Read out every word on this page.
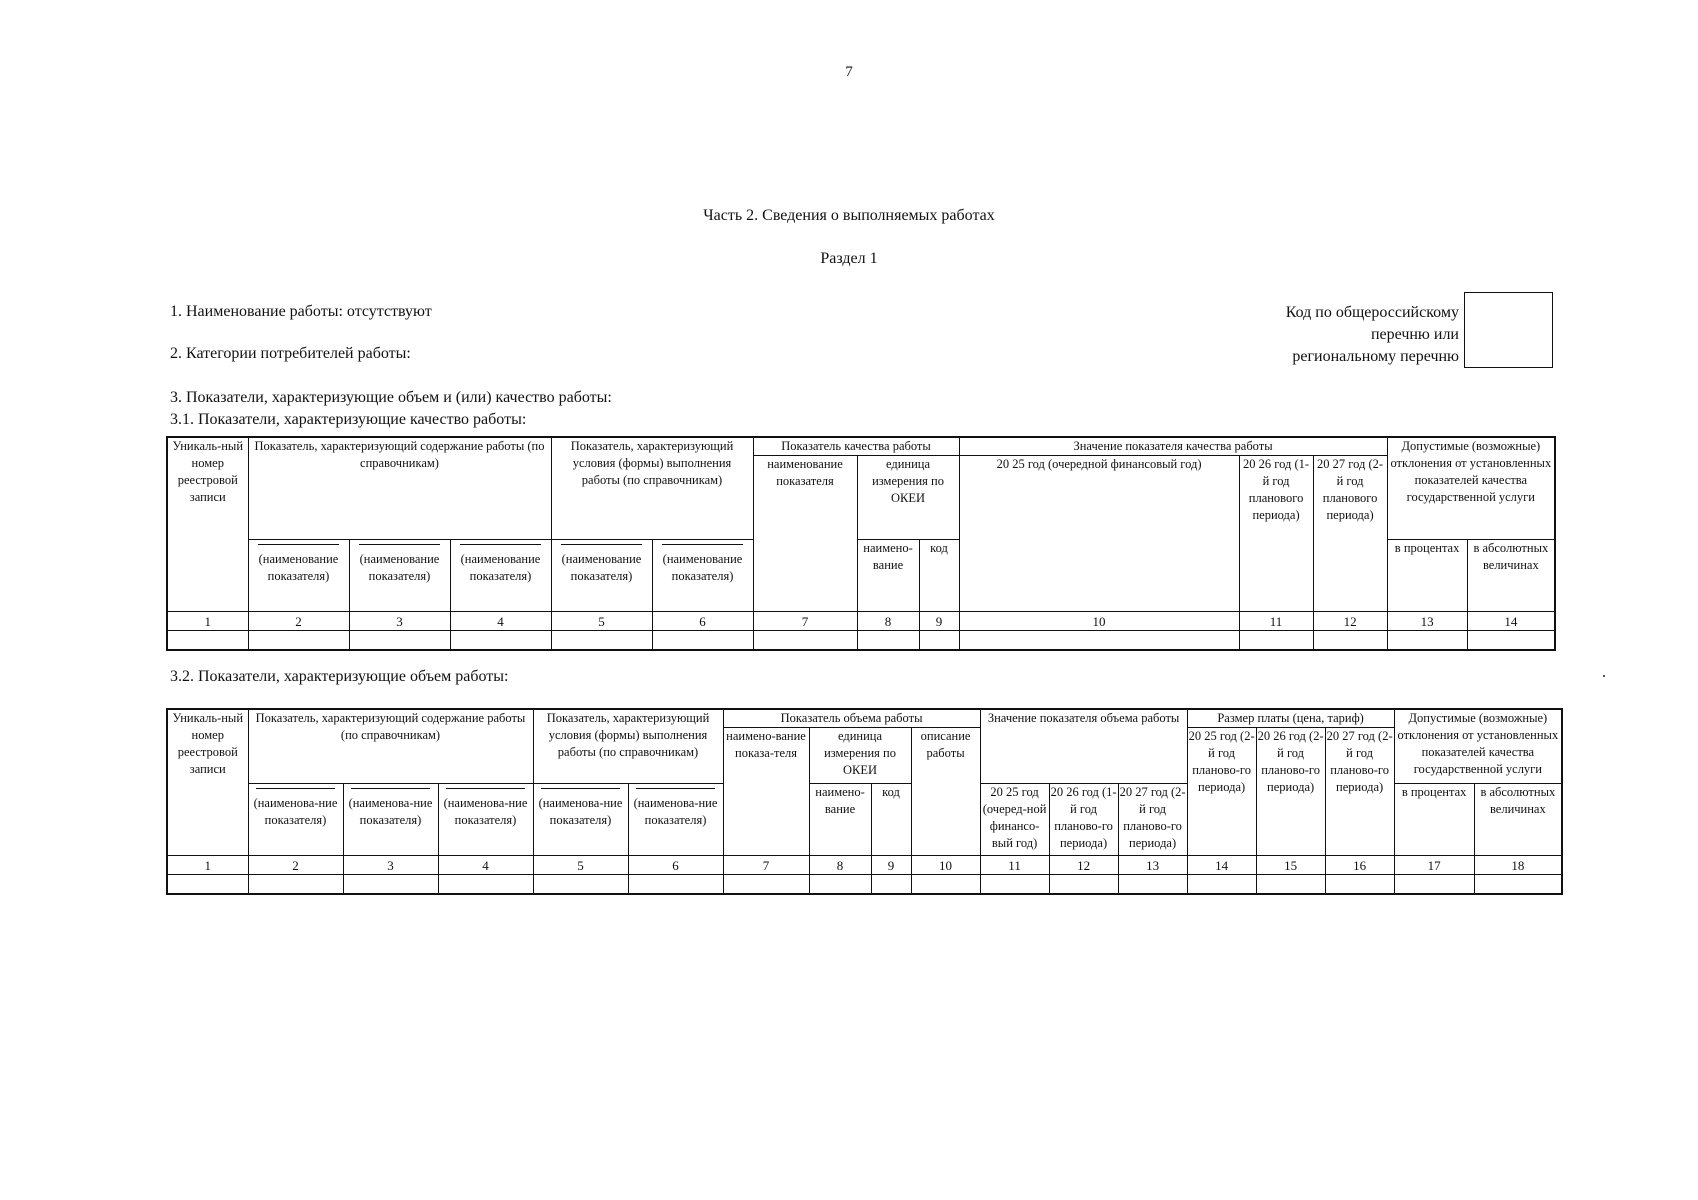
7
Часть 2. Сведения о выполняемых работах
Раздел 1
1. Наименование работы: отсутствуют
2. Категории потребителей работы:
Код по общероссийскому
перечню или
региональному перечню
3. Показатели, характеризующие объем и (или) качество работы:
3.1. Показатели, характеризующие качество работы:
Уникаль-ный номер реестровой записи	Показатель, характеризующий содержание работы (по справочникам)			Показатель, характеризующий условия (формы) выполнения работы (по справочникам)		Показатель качества работы			Значение показателя качества работы			Допустимые (возможные) отклонения от установленных показателей качества государственной услуги	
						наименование показателя	единица измерения по ОКЕИ		20 25 год (очередной финансовый год)	20 26 год (1-й год планового периода)	20 27 год (2-й год планового периода)		

(наименование показателя)	(наименование показателя)	(наименование показателя)	(наименование показателя)	(наименование показателя)		наимено-вание	код				в процентах	в абсолютных величинах
1	2	3	4	5	6	7	8	9	10	11	12	13	14

3.2. Показатели, характеризующие объем работы:
Уникаль-ный номер реестровой записи	Показатель, характеризующий содержание работы (по справочникам)			Показатель, характеризующий условия (формы) выполнения работы (по справочникам)		Показатель объема работы				Значение показателя объема работы			Размер платы (цена, тариф)			Допустимые (возможные) отклонения от установленных показателей качества государственной услуги	
						наимено-вание показа-теля	единица измерения по ОКЕИ		описание работы				20 25 год (2-й год планово-го периода)	20 26 год (2-й год планово-го периода)	20 27 год (2-й год планово-го периода)		

(наименова-ние показателя)	(наименова-ние показателя)	(наименова-ние показателя)	(наименова-ние показателя)	(наименова-ние показателя)		наимено-вание	код		20 25 год (очеред-ной финансо-вый год)	20 26 год (1-й год планово-го периода)	20 27 год (2-й год планово-го периода)				в процентах	в абсолютных величинах
1	2	3	4	5	6	7	8	9	10	11	12	13	14	15	16	17	18
